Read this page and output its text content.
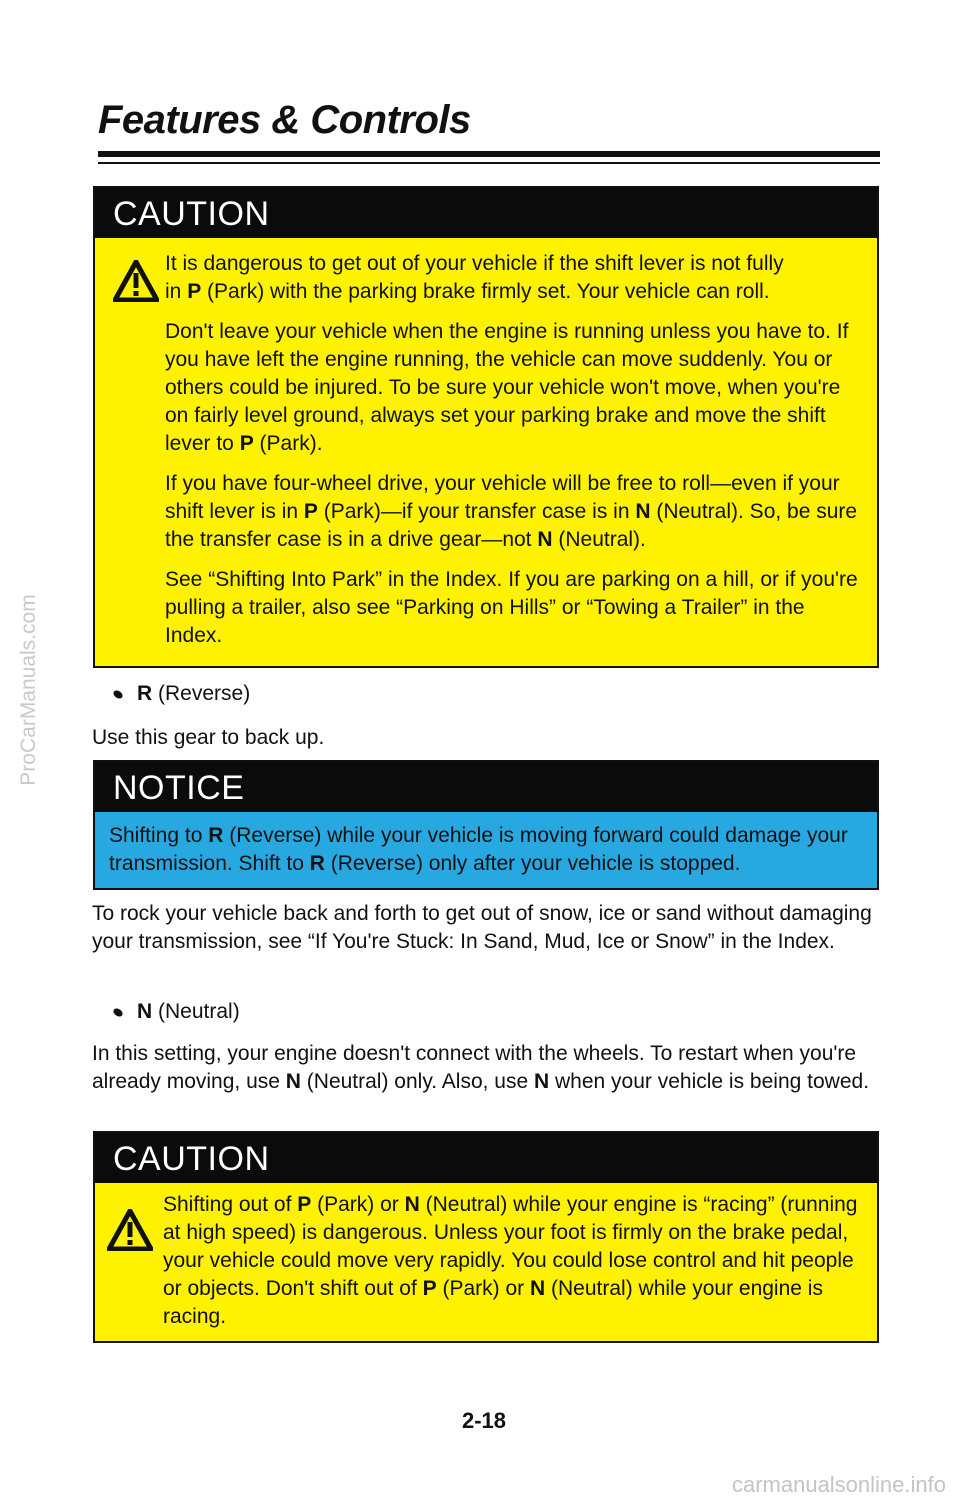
ProCarManuals.com
carmanualsonline.info
Features & Controls
CAUTION

It is dangerous to get out of your vehicle if the shift lever is not fully
in P (Park) with the parking brake firmly set. Your vehicle can roll.

Don't leave your vehicle when the engine is running unless you have to. If you have left the engine running, the vehicle can move suddenly. You or others could be injured. To be sure your vehicle won't move, when you're on fairly level ground, always set your parking brake and move the shift lever to P (Park).

If you have four-wheel drive, your vehicle will be free to roll—even if your shift lever is in P (Park)—if your transfer case is in N (Neutral). So, be sure the transfer case is in a drive gear—not N (Neutral).

See “Shifting Into Park” in the Index. If you are parking on a hill, or if you're pulling a trailer, also see “Parking on Hills” or “Towing a Trailer” in the Index.

R (Reverse)

Use this gear to back up.

NOTICE

Shifting to R (Reverse) while your vehicle is moving forward could damage your transmission. Shift to R (Reverse) only after your vehicle is stopped.

To rock your vehicle back and forth to get out of snow, ice or sand without damaging your transmission, see “If You're Stuck: In Sand, Mud, Ice or Snow” in the Index.

N (Neutral)

In this setting, your engine doesn't connect with the wheels. To restart when you're already moving, use N (Neutral) only. Also, use N when your vehicle is being towed.

CAUTION

Shifting out of P (Park) or N (Neutral) while your engine is “racing” (running at high speed) is dangerous. Unless your foot is firmly on the brake pedal, your vehicle could move very rapidly. You could lose control and hit people or objects. Don't shift out of P (Park) or N (Neutral) while your engine is racing.

2-18
